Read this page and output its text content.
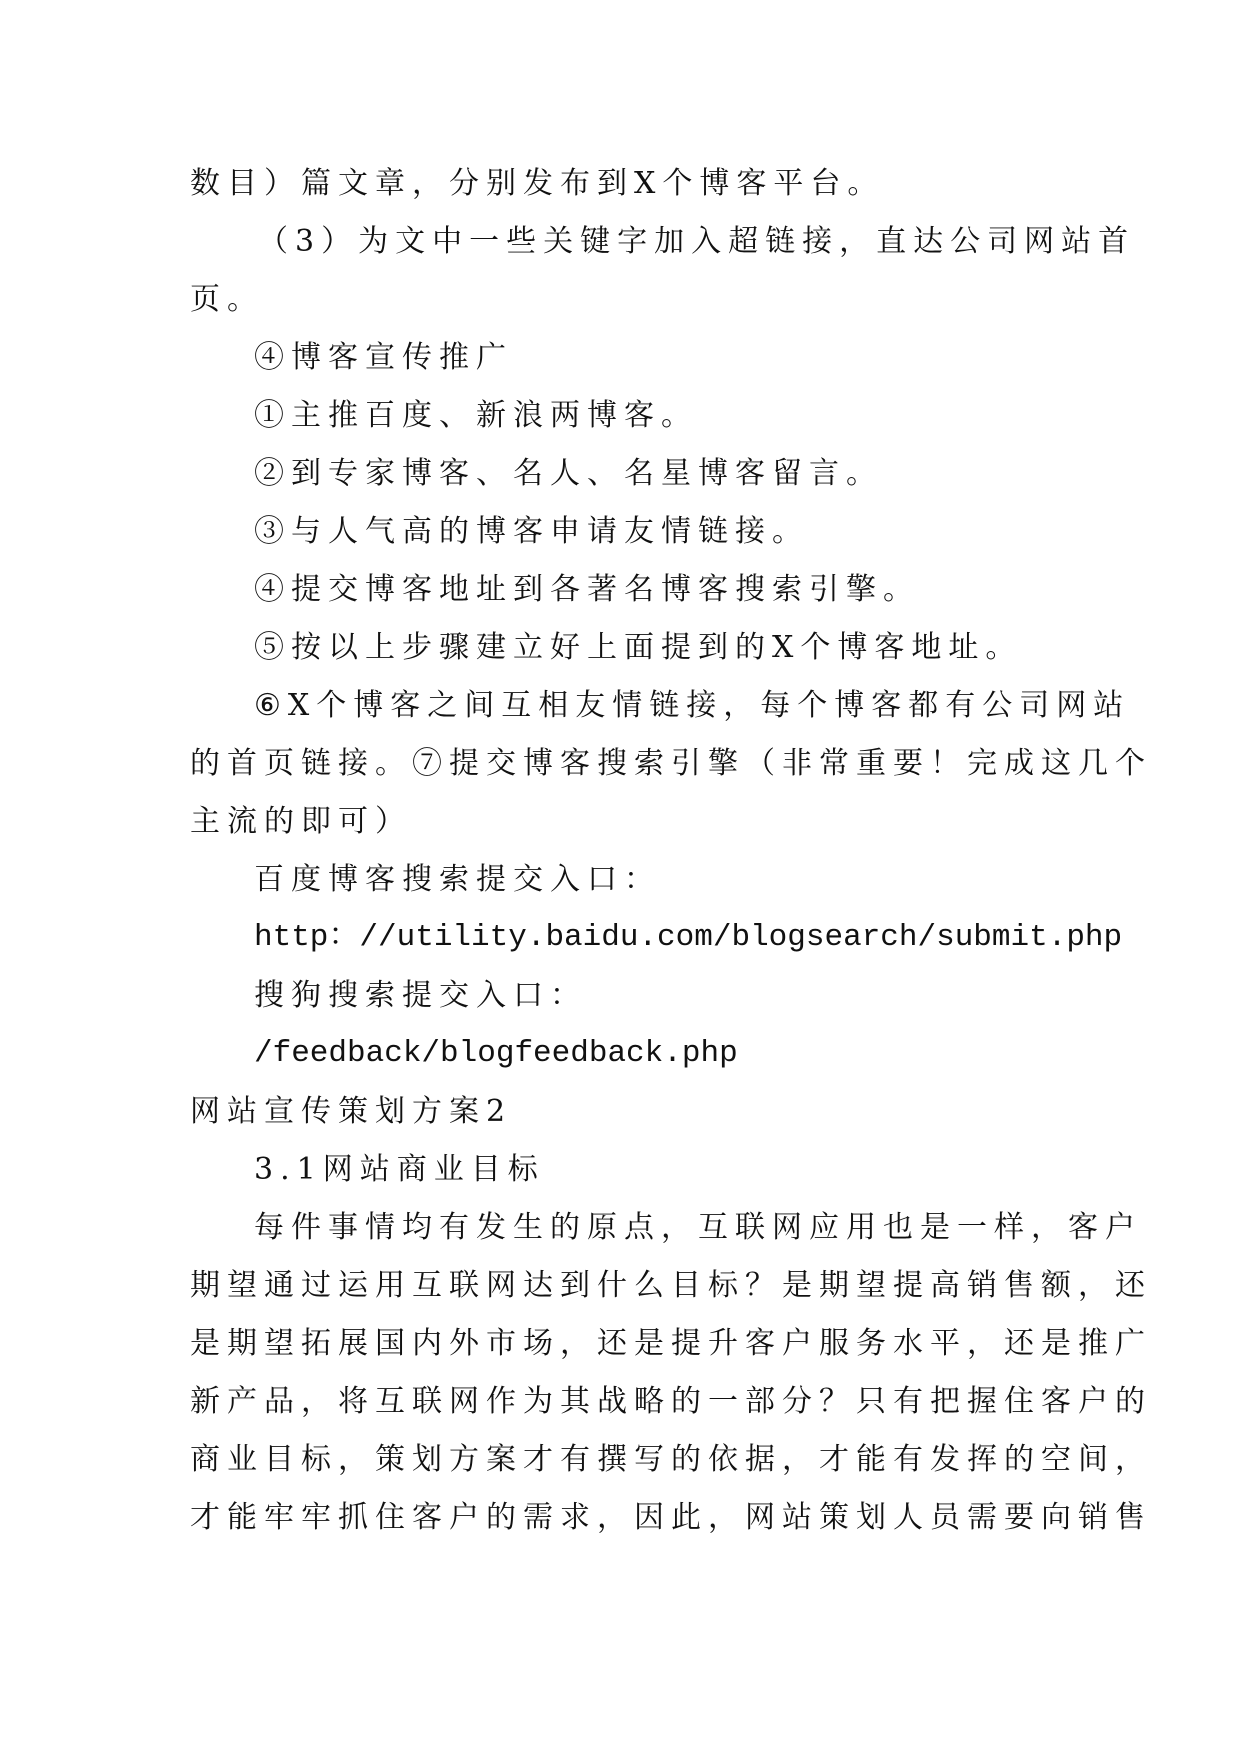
数目）篇文章，分别发布到X个博客平台。

（3）为文中一些关键字加入超链接，直达公司网站首

页。

④博客宣传推广

①主推百度、新浪两博客。

②到专家博客、名人、名星博客留言。

③与人气高的博客申请友情链接。

④提交博客地址到各著名博客搜索引擎。

⑤按以上步骤建立好上面提到的X个博客地址。

⑥X个博客之间互相友情链接，每个博客都有公司网站

的首页链接。⑦提交博客搜索引擎（非常重要！完成这几个

主流的即可）

百度博客搜索提交入口：

http：//utility.baidu.com/blogsearch/submit.php

搜狗搜索提交入口：

/feedback/blogfeedback.php

网站宣传策划方案2

3.1网站商业目标

每件事情均有发生的原点，互联网应用也是一样，客户

期望通过运用互联网达到什么目标？是期望提高销售额，还

是期望拓展国内外市场，还是提升客户服务水平，还是推广

新产品，将互联网作为其战略的一部分？只有把握住客户的

商业目标，策划方案才有撰写的依据，才能有发挥的空间，

才能牢牢抓住客户的需求，因此，网站策划人员需要向销售
